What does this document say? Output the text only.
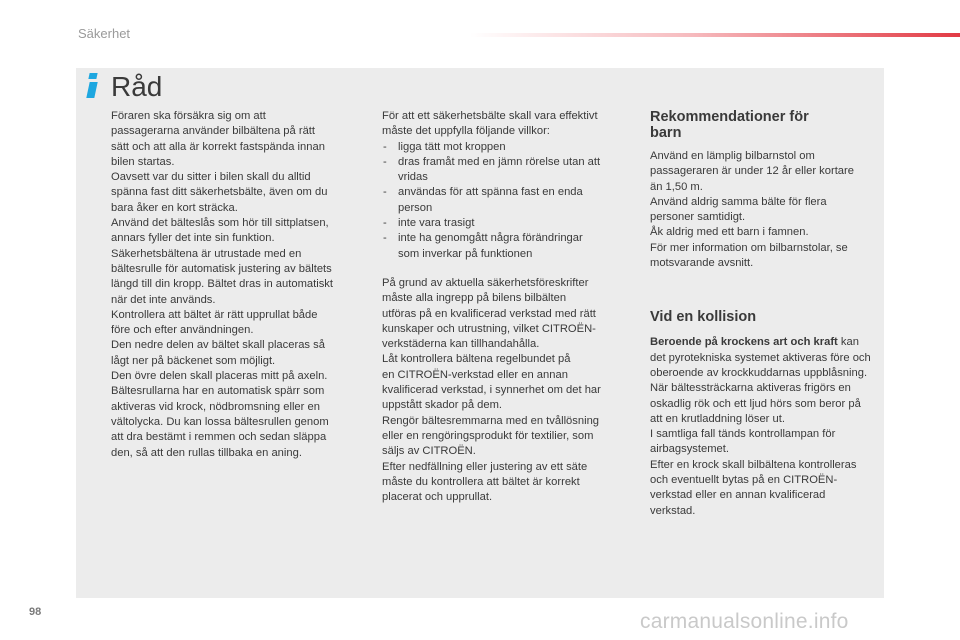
Säkerhet
Råd
Föraren ska försäkra sig om att
passagerarna använder bilbältena på rätt
sätt och att alla är korrekt fastspända innan
bilen startas.
Oavsett var du sitter i bilen skall du alltid
spänna fast ditt säkerhetsbälte, även om du
bara åker en kort sträcka.
Använd det bälteslås som hör till sittplatsen,
annars fyller det inte sin funktion.
Säkerhetsbältena är utrustade med en
bältesrulle för automatisk justering av bältets
längd till din kropp. Bältet dras in automatiskt
när det inte används.
Kontrollera att bältet är rätt upprullat både
före och efter användningen.
Den nedre delen av bältet skall placeras så
lågt ner på bäckenet som möjligt.
Den övre delen skall placeras mitt på axeln.
Bältesrullarna har en automatisk spärr som
aktiveras vid krock, nödbromsning eller en
vältolycka. Du kan lossa bältesrullen genom
att dra bestämt i remmen och sedan släppa
den, så att den rullas tillbaka en aning.
För att ett säkerhetsbälte skall vara effektivt
måste det uppfylla följande villkor:
- ligga tätt mot kroppen
- dras framåt med en jämn rörelse utan att
vridas
- användas för att spänna fast en enda
person
- inte vara trasigt
- inte ha genomgått några förändringar
som inverkar på funktionen
På grund av aktuella säkerhetsföreskrifter
måste alla ingrepp på bilens bilbälten
utföras på en kvalificerad verkstad med rätt
kunskaper och utrustning, vilket CITROËN-
verkstäderna kan tillhandahålla.
Låt kontrollera bältena regelbundet på
en CITROËN-verkstad eller en annan
kvalificerad verkstad, i synnerhet om det har
uppstått skador på dem.
Rengör bältesremmarna med en tvållösning
eller en rengöringsprodukt för textilier, som
säljs av CITROËN.
Efter nedfällning eller justering av ett säte
måste du kontrollera att bältet är korrekt
placerat och upprullat.
Rekommendationer för
barn
Använd en lämplig bilbarnstol om
passageraren är under 12 år eller kortare
än 1,50 m.
Använd aldrig samma bälte för flera
personer samtidigt.
Åk aldrig med ett barn i famnen.
För mer information om bilbarnstolar, se
motsvarande avsnitt.
Vid en kollision
Beroende på krockens art och kraft kan
det pyrotekniska systemet aktiveras före och
oberoende av krockkuddarnas uppblåsning.
När bältessträckarna aktiveras frigörs en
oskadlig rök och ett ljud hörs som beror på
att en krutladdning löser ut.
I samtliga fall tänds kontrollampan för
airbagsystemet.
Efter en krock skall bilbältena kontrolleras
och eventuellt bytas på en CITROËN-
verkstad eller en annan kvalificerad
verkstad.
98	carmanualsonline.info
